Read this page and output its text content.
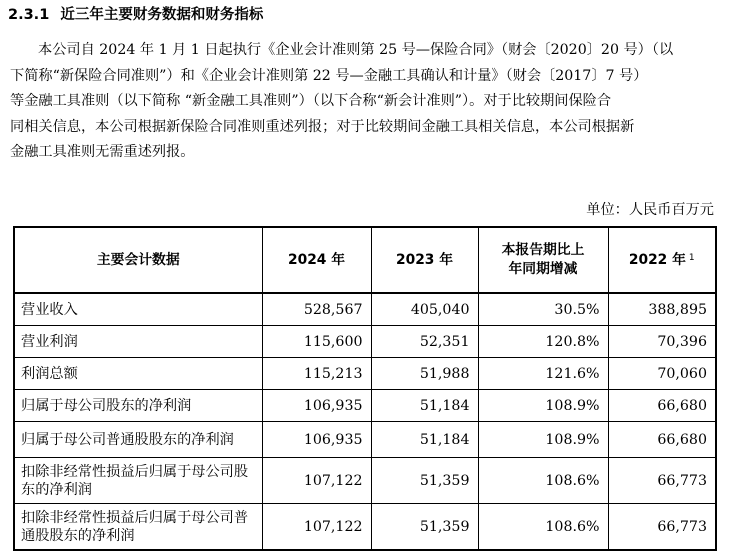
2.3.1 近三年主要财务数据和财务指标
本公司自 2024 年 1 月 1 日起执行《企业会计准则第 25 号—保险合同》（财会〔2020〕20 号）（以
下简称“新保险合同准则”）和《企业会计准则第 22 号—金融工具确认和计量》（财会〔2017〕7 号）
等金融工具准则（以下简称 “新金融工具准则”）（以下合称“新会计准则”）。对于比较期间保险合
同相关信息，本公司根据新保险合同准则重述列报；对于比较期间金融工具相关信息，本公司根据新
金融工具准则无需重述列报。
单位：人民币百万元
主要会计数据	2024 年	2023 年	本报告期比上年同期增减	2022 年 $^1$
营业收入	528,567	405,040	30.5%	388,895
营业利润	115,600	52,351	120.8%	70,396
利润总额	115,213	51,988	121.6%	70,060
归属于母公司股东的净利润	106,935	51,184	108.9%	66,680
归属于母公司普通股股东的净利润	106,935	51,184	108.9%	66,680
扣除非经常性损益后归属于母公司股东的净利润	107,122	51,359	108.6%	66,773
扣除非经常性损益后归属于母公司普通股股东的净利润	107,122	51,359	108.6%	66,773
